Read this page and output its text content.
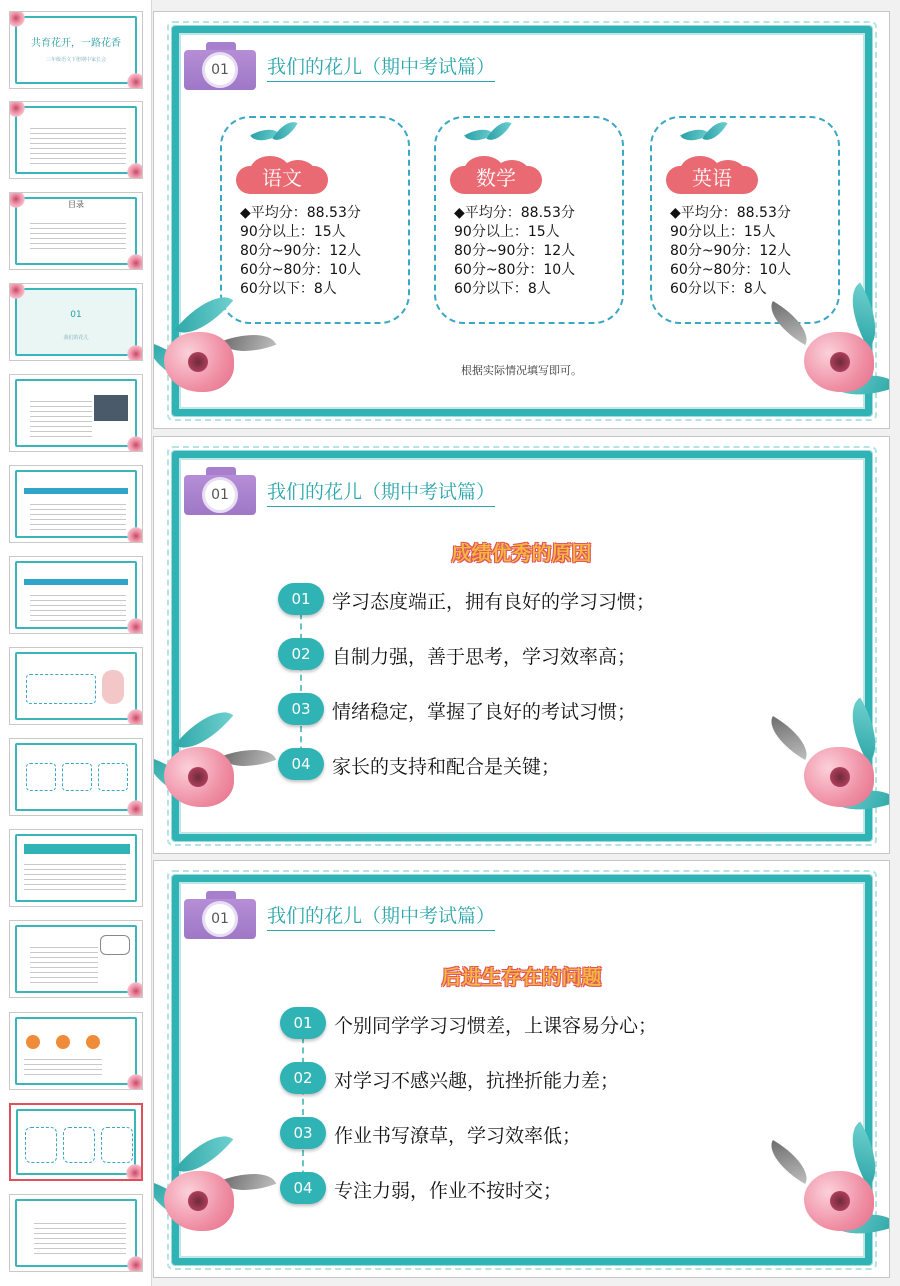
共育花开，一路花香
三年级语文下册期中家长会
目录
01
我们的花儿
01	我们的花儿（期中考试篇）
语文
◆平均分：88.53分
90分以上：15人
80分~90分：12人
60分~80分：10人
60分以下：8人
数学
◆平均分：88.53分
90分以上：15人
80分~90分：12人
60分~80分：10人
60分以下：8人
英语
◆平均分：88.53分
90分以上：15人
80分~90分：12人
60分~80分：10人
60分以下：8人
根据实际情况填写即可。
01	我们的花儿（期中考试篇）
成绩优秀的原因
01	学习态度端正，拥有良好的学习习惯；
02	自制力强，善于思考，学习效率高；
03	情绪稳定，掌握了良好的考试习惯；
04	家长的支持和配合是关键；
01	我们的花儿（期中考试篇）
后进生存在的问题
01	个别同学学习习惯差，上课容易分心；
02	对学习不感兴趣，抗挫折能力差；
03	作业书写潦草，学习效率低；
04	专注力弱，作业不按时交；
